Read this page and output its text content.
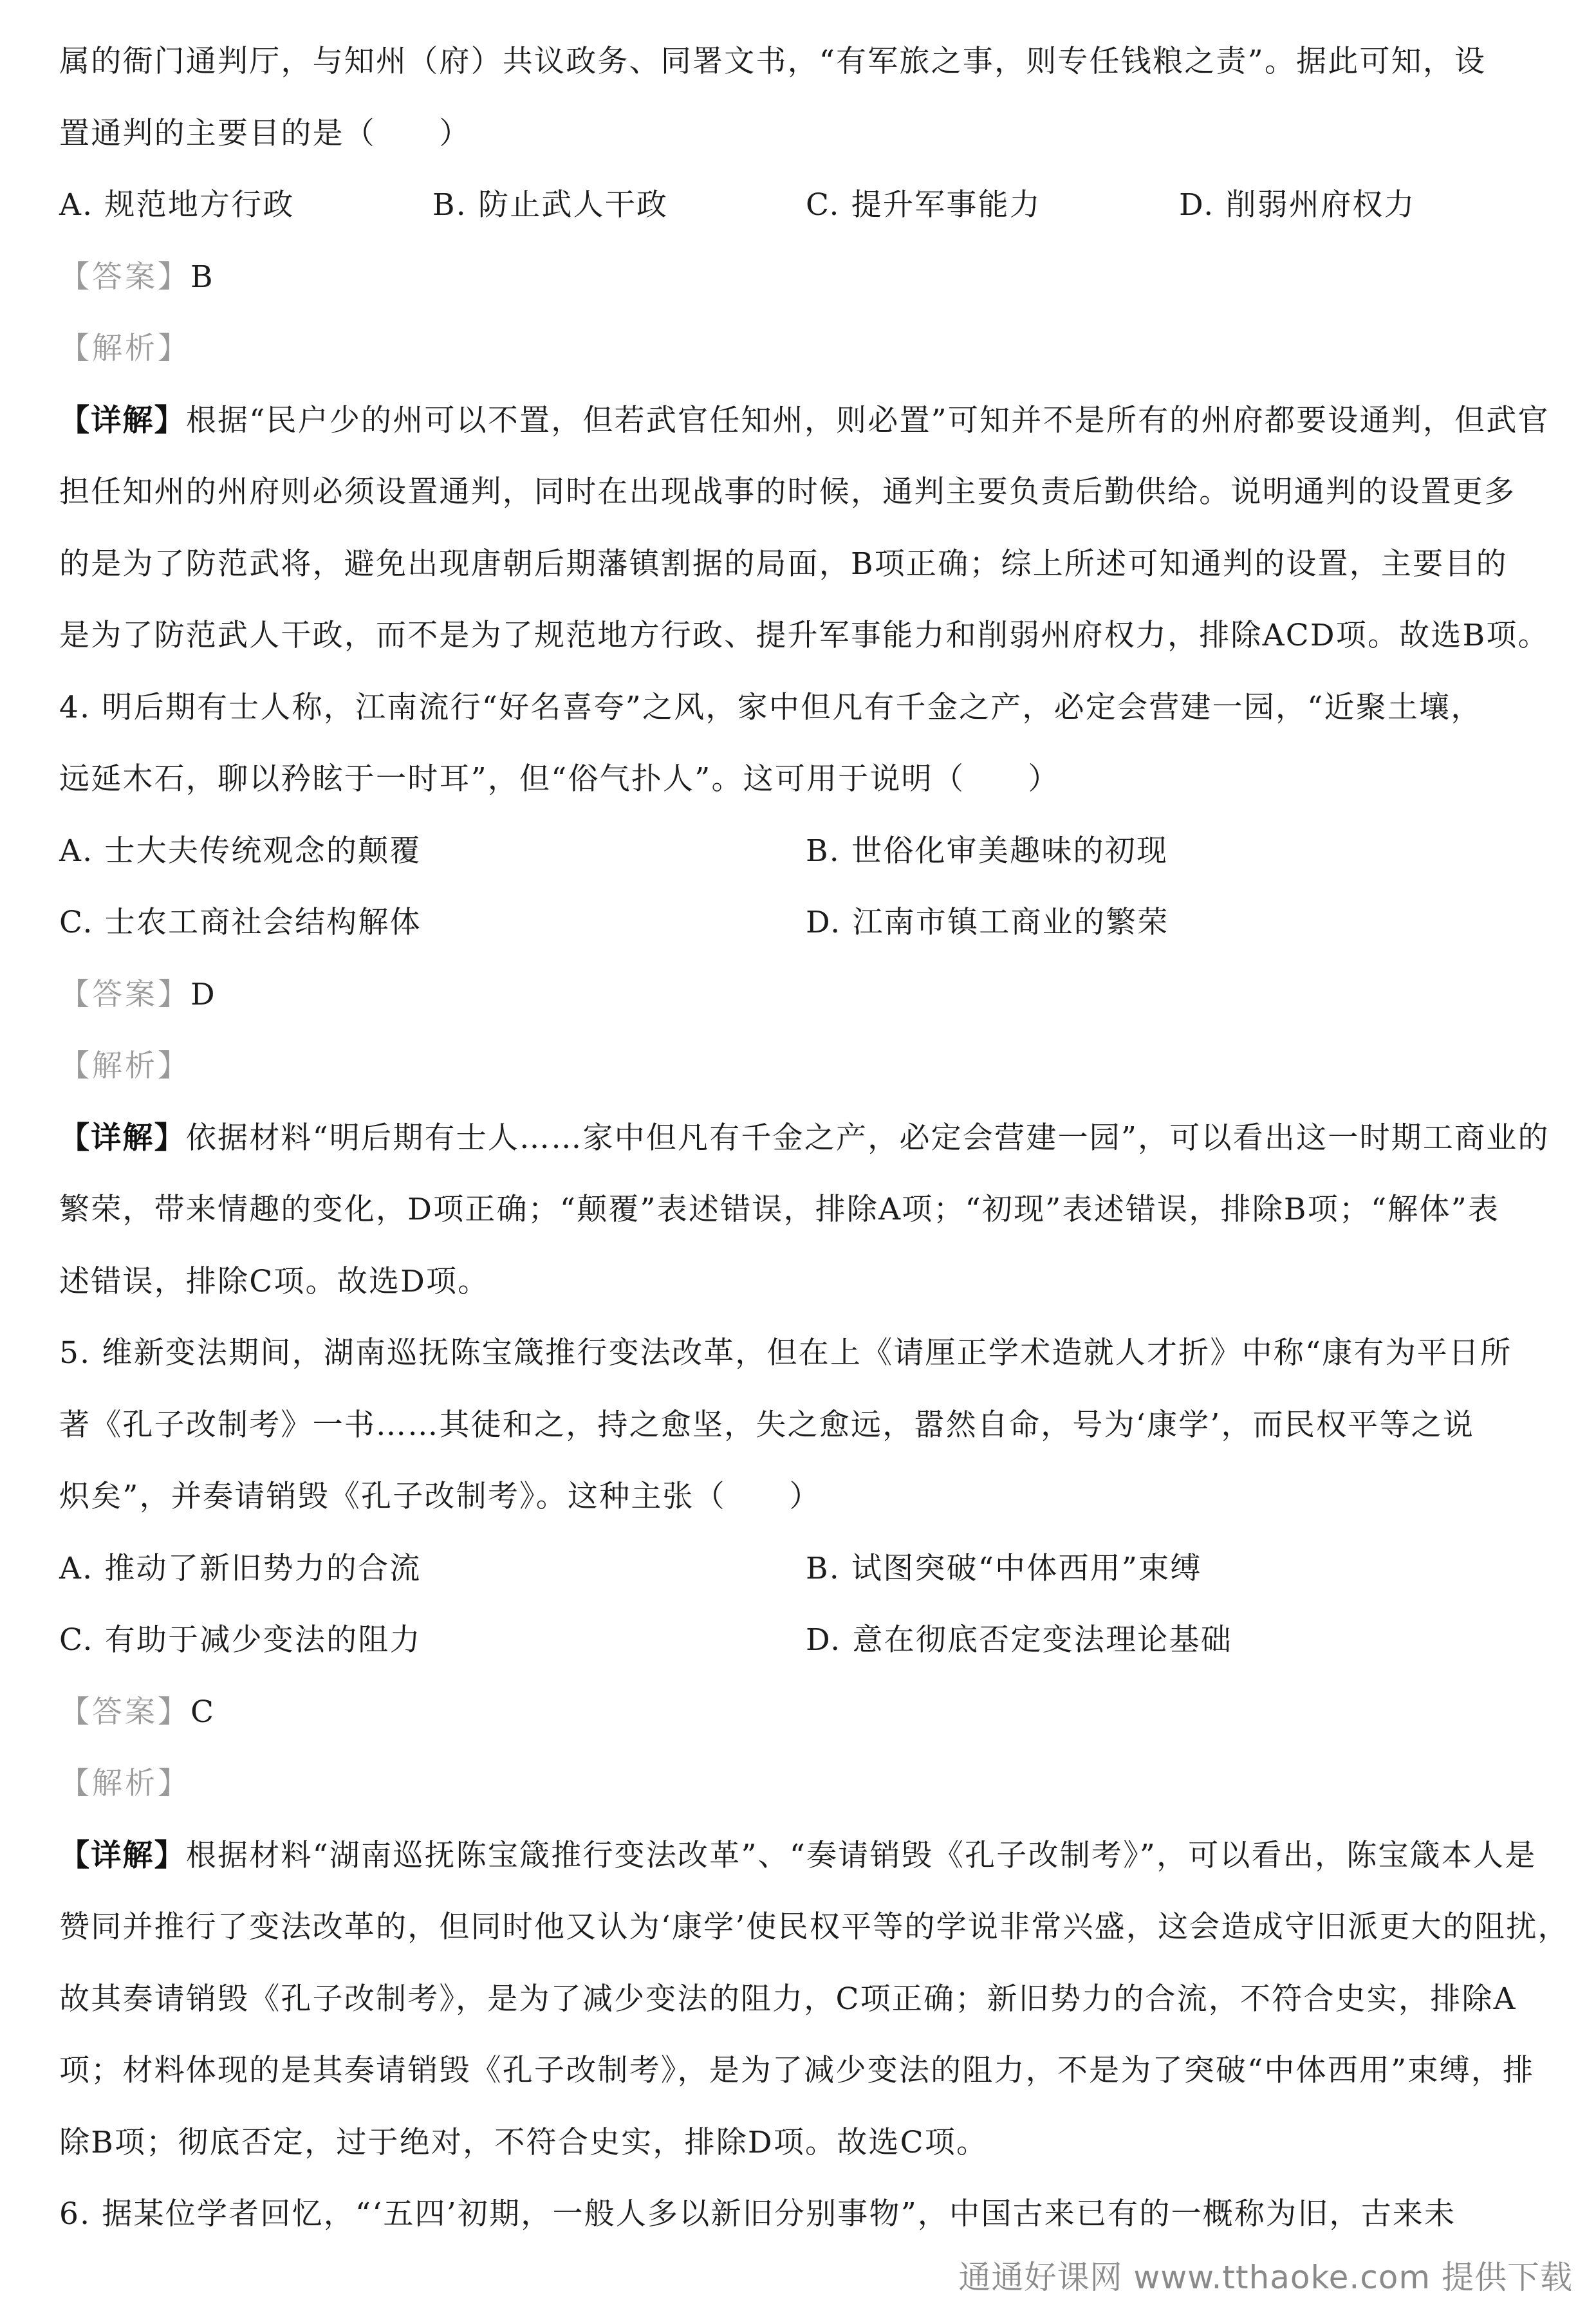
属的衙门通判厅，与知州（府）共议政务、同署文书，“有军旅之事，则专任钱粮之责”。据此可知，设
置通判的主要目的是（　　）
A. 规范地方行政	B. 防止武人干政	C. 提升军事能力	D. 削弱州府权力
【答案】B
【解析】
【详解】根据“民户少的州可以不置，但若武官任知州，则必置”可知并不是所有的州府都要设通判，但武官
担任知州的州府则必须设置通判，同时在出现战事的时候，通判主要负责后勤供给。说明通判的设置更多
的是为了防范武将，避免出现唐朝后期藩镇割据的局面，B项正确；综上所述可知通判的设置，主要目的
是为了防范武人干政，而不是为了规范地方行政、提升军事能力和削弱州府权力，排除ACD项。故选B项。
4. 明后期有士人称，江南流行“好名喜夸”之风，家中但凡有千金之产，必定会营建一园，“近聚土壤，
远延木石，聊以矜眩于一时耳”，但“俗气扑人”。这可用于说明（　　）
A. 士大夫传统观念的颠覆	B. 世俗化审美趣味的初现
C. 士农工商社会结构解体	D. 江南市镇工商业的繁荣
【答案】D
【解析】
【详解】依据材料“明后期有士人……家中但凡有千金之产，必定会营建一园”，可以看出这一时期工商业的
繁荣，带来情趣的变化，D项正确；“颠覆”表述错误，排除A项；“初现”表述错误，排除B项；“解体”表
述错误，排除C项。故选D项。
5. 维新变法期间，湖南巡抚陈宝箴推行变法改革，但在上《请厘正学术造就人才折》中称“康有为平日所
著《孔子改制考》一书……其徒和之，持之愈坚，失之愈远，嚣然自命，号为‘康学’，而民权平等之说
炽矣”，并奏请销毁《孔子改制考》。这种主张（　　）
A. 推动了新旧势力的合流	B. 试图突破“中体西用”束缚
C. 有助于减少变法的阻力	D. 意在彻底否定变法理论基础
【答案】C
【解析】
【详解】根据材料“湖南巡抚陈宝箴推行变法改革”、“奏请销毁《孔子改制考》”，可以看出，陈宝箴本人是
赞同并推行了变法改革的，但同时他又认为‘康学’使民权平等的学说非常兴盛，这会造成守旧派更大的阻扰，
故其奏请销毁《孔子改制考》，是为了减少变法的阻力，C项正确；新旧势力的合流，不符合史实，排除A
项；材料体现的是其奏请销毁《孔子改制考》，是为了减少变法的阻力，不是为了突破“中体西用”束缚，排
除B项；彻底否定，过于绝对，不符合史实，排除D项。故选C项。
6. 据某位学者回忆，“‘五四’初期，一般人多以新旧分别事物”，中国古来已有的一概称为旧，古来未
通通好课网 www.tthaoke.com 提供下载
